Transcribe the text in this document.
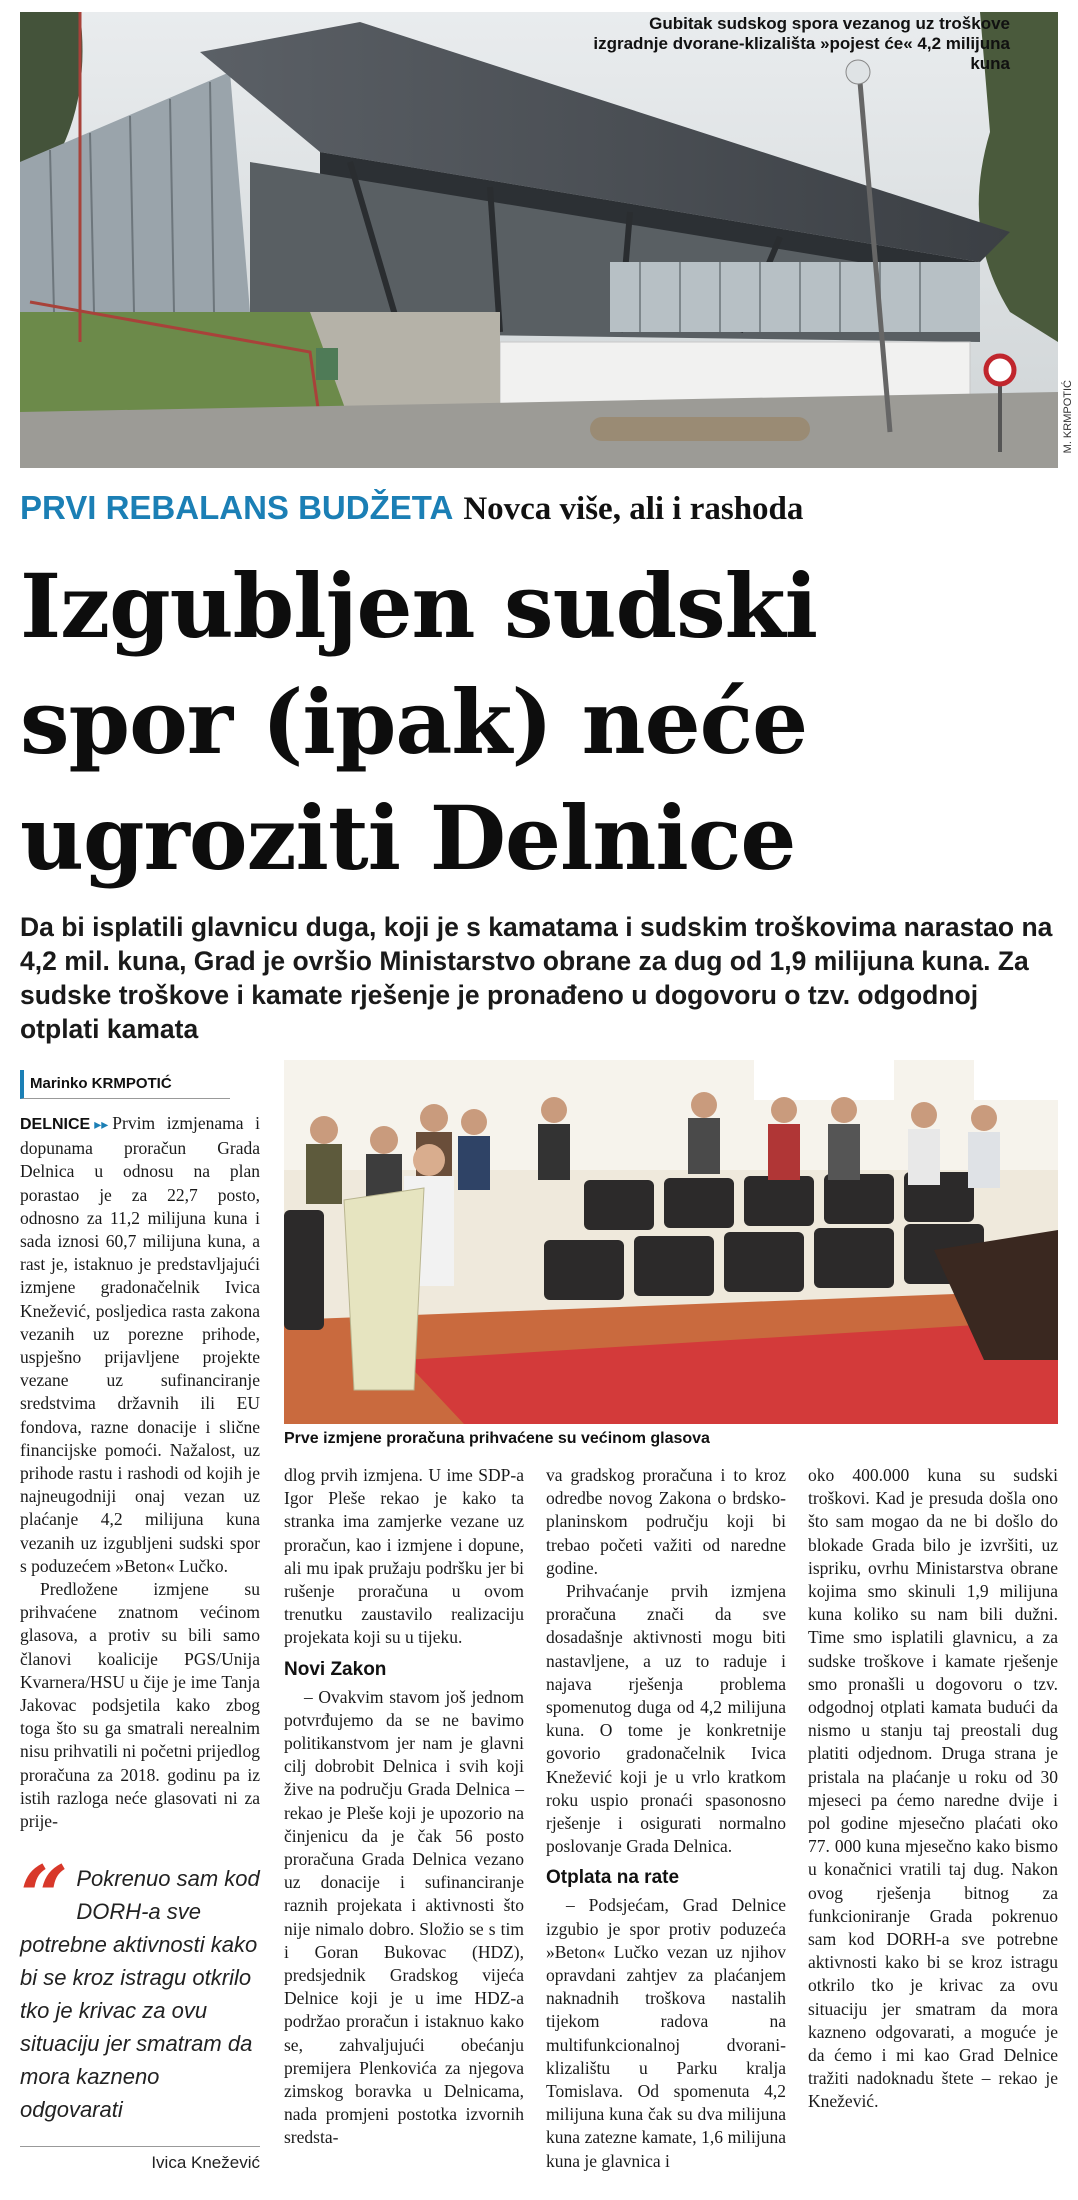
Gubitak sudskog spora vezanog uz troškove izgradnje dvorane-klizališta »pojest će« 4,2 milijuna kuna
M. KRMPOTIĆ
PRVI REBALANS BUDŽETA Novca više, ali i rashoda
Izgubljen sudski
spor (ipak) neće
ugroziti Delnice
Da bi isplatili glavnicu duga, koji je s kamatama i sudskim troškovima narastao na 4,2 mil. kuna, Grad je ovršio Ministarstvo obrane za dug od 1,9 milijuna kuna. Za sudske troškove i kamate rješenje je pronađeno u dogovoru o tzv. odgodnoj otplati kamata
Marinko KRMPOTIĆ

DELNICE ▸▸ Prvim izmjenama i dopunama proračun Grada Delnica u odnosu na plan porastao je za 22,7 posto, odnosno za 11,2 milijuna kuna i sada iznosi 60,7 milijuna kuna, a rast je, istaknuo je predstavljajući izmjene gradonačelnik Ivica Knežević, posljedica rasta zakona vezanih uz porezne prihode, uspješno prijavljene projekte vezane uz sufinanciranje sredstvima državnih ili EU fondova, razne donacije i slične financijske pomoći. Nažalost, uz prihode rastu i rashodi od kojih je najneugodniji onaj vezan uz plaćanje 4,2 milijuna kuna vezanih uz izgubljeni sudski spor s poduzećem »Beton« Lučko.

Predložene izmjene su prihvaćene znatnom većinom glasova, a protiv su bili samo članovi koalicije PGS/Unija Kvarnera/HSU u čije je ime Tanja Jakovac podsjetila kako zbog toga što su ga smatrali nerealnim nisu prihvatili ni početni prijedlog proračuna za 2018. godinu pa iz istih razloga neće glasovati ni za prije-

“ Pokrenuo sam kod DORH-a sve potrebne aktivnosti kako bi se kroz istragu otkrilo tko je krivac za ovu situaciju jer smatram da mora kazneno odgovarati
Ivica Knežević
Prve izmjene proračuna prihvaćene su većinom glasova

dlog prvih izmjena. U ime SDP-a Igor Pleše rekao je kako ta stranka ima zamjerke vezane uz proračun, kao i izmjene i dopune, ali mu ipak pružaju podršku jer bi rušenje proračuna u ovom trenutku zaustavilo realizaciju projekata koji su u tijeku.

Novi Zakon

– Ovakvim stavom još jednom potvrđujemo da se ne bavimo politikanstvom jer nam je glavni cilj dobrobit Delnica i svih koji žive na području Grada Delnica – rekao je Pleše koji je upozorio na činjenicu da je čak 56 posto proračuna Grada Delnica vezano uz donacije i sufinanciranje raznih projekata i aktivnosti što nije nimalo dobro. Složio se s tim i Goran Bukovac (HDZ), predsjednik Gradskog vijeća Delnice koji je u ime HDZ-a podržao proračun i istaknuo kako se, zahvaljujući obećanju premijera Plenkovića za njegova zimskog boravka u Delnicama, nada promjeni postotka izvornih sredsta-

va gradskog proračuna i to kroz odredbe novog Zakona o brdsko-planinskom području koji bi trebao početi važiti od naredne godine.

Prihvaćanje prvih izmjena proračuna znači da sve dosadašnje aktivnosti mogu biti nastavljene, a uz to raduje i najava rješenja problema spomenutog duga od 4,2 milijuna kuna. O tome je konkretnije govorio gradonačelnik Ivica Knežević koji je u vrlo kratkom roku uspio pronaći spasonosno rješenje i osigurati normalno poslovanje Grada Delnica.

Otplata na rate

– Podsjećam, Grad Delnice izgubio je spor protiv poduzeća »Beton« Lučko vezan uz njihov opravdani zahtjev za plaćanjem naknadnih troškova nastalih tijekom radova na multifunkcionalnoj dvorani-klizalištu u Parku kralja Tomislava. Od spomenuta 4,2 milijuna kuna čak su dva milijuna kuna zatezne kamate, 1,6 milijuna kuna je glavnica i

oko 400.000 kuna su sudski troškovi. Kad je presuda došla ono što sam mogao da ne bi došlo do blokade Grada bilo je izvršiti, uz ispriku, ovrhu Ministarstva obrane kojima smo skinuli 1,9 milijuna kuna koliko su nam bili dužni. Time smo isplatili glavnicu, a za sudske troškove i kamate rješenje smo pronašli u dogovoru o tzv. odgodnoj otplati kamata budući da nismo u stanju taj preostali dug platiti odjednom. Druga strana je pristala na plaćanje u roku od 30 mjeseci pa ćemo naredne dvije i pol godine mjesečno plaćati oko 77. 000 kuna mjesečno kako bismo u konačnici vratili taj dug. Nakon ovog rješenja bitnog za funkcioniranje Grada pokrenuo sam kod DORH-a sve potrebne aktivnosti kako bi se kroz istragu otkrilo tko je krivac za ovu situaciju jer smatram da mora kazneno odgovarati, a moguće je da ćemo i mi kao Grad Delnice tražiti nadoknadu štete – rekao je Knežević.
